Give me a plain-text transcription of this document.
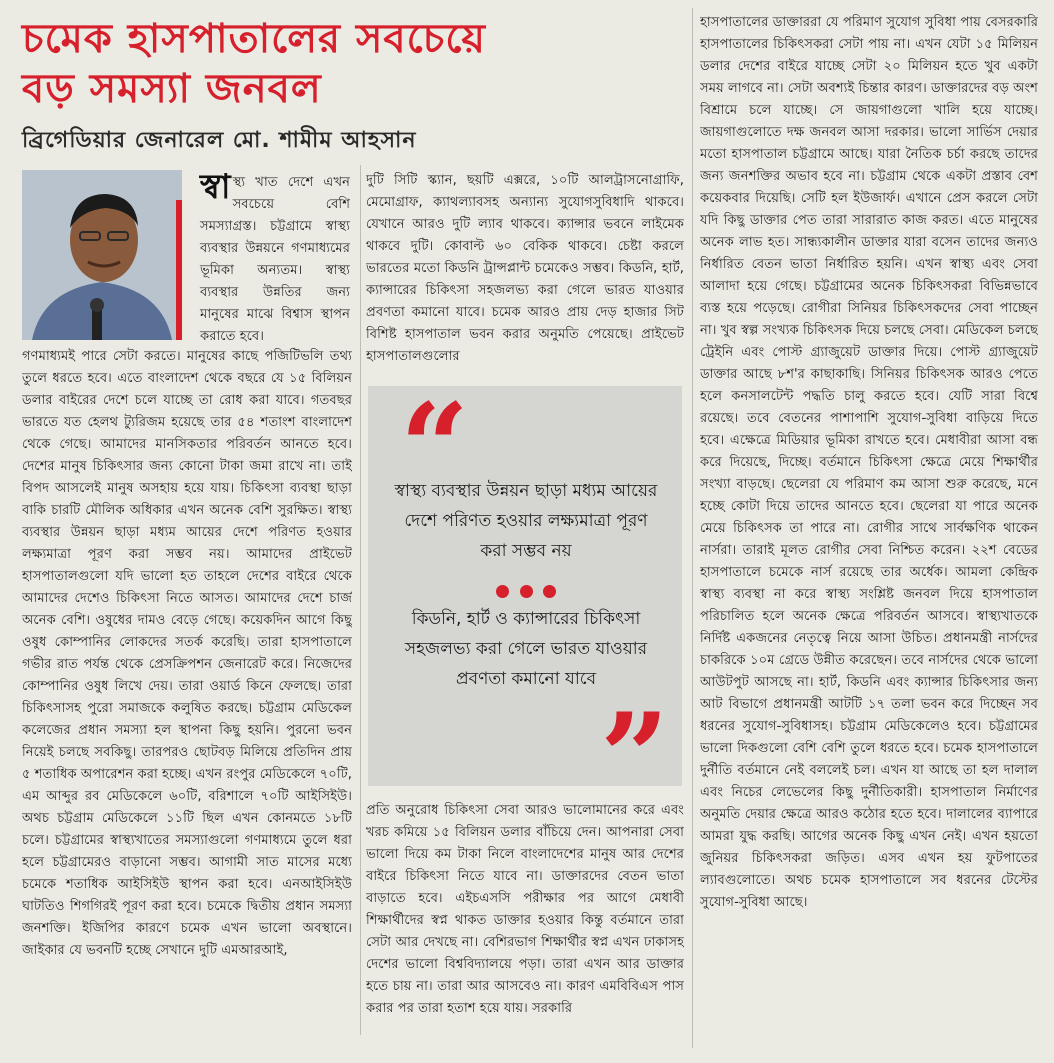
চমেক হাসপাতালের সবচেয়ে
বড় সমস্যা জনবল
ব্রিগেডিয়ার জেনারেল মো. শামীম আহসান
স্বা স্থ্য খাত দেশে এখন সবচেয়ে বেশি সমস্যাগ্রস্ত। চট্টগ্রামে স্বাস্থ্য ব্যবস্থার উন্নয়নে গণমাধ্যমের ভূমিকা অন্যতম। স্বাস্থ্য ব্যবস্থার উন্নতির জন্য মানুষের মাঝে বিশ্বাস স্থাপন করাতে হবে।

গণমাধ্যমই পারে সেটা করতে। মানুষের কাছে পজিটিভলি তথ্য তুলে ধরতে হবে। এতে বাংলাদেশ থেকে বছরে যে ১৫ বিলিয়ন ডলার বাইরের দেশে চলে যাচ্ছে তা রোধ করা যাবে। গতবছর ভারতে যত হেলথ ট্যুরিজম হয়েছে তার ৫৪ শতাংশ বাংলাদেশ থেকে গেছে। আমাদের মানসিকতার পরিবর্তন আনতে হবে। দেশের মানুষ চিকিৎসার জন্য কোনো টাকা জমা রাখে না। তাই বিপদ আসলেই মানুষ অসহায় হয়ে যায়। চিকিৎসা ব্যবস্থা ছাড়া বাকি চারটি মৌলিক অধিকার এখন অনেক বেশি সুরক্ষিত। স্বাস্থ্য ব্যবস্থার উন্নয়ন ছাড়া মধ্যম আয়ের দেশে পরিণত হওয়ার লক্ষ্যমাত্রা পূরণ করা সম্ভব নয়। আমাদের প্রাইভেট হাসপাতালগুলো যদি ভালো হত তাহলে দেশের বাইরে থেকে আমাদের দেশেও চিকিৎসা নিতে আসত। আমাদের দেশে চার্জ অনেক বেশি। ওষুধের দামও বেড়ে গেছে। কয়েকদিন আগে কিছু ওষুধ কোম্পানির লোকদের সতর্ক করেছি। তারা হাসপাতালে গভীর রাত পর্যন্ত থেকে প্রেসক্রিপশন জেনারেট করে। নিজেদের কোম্পানির ওষুধ লিখে দেয়। তারা ওয়ার্ড কিনে ফেলছে। তারা চিকিৎসাসহ পুরো সমাজকে কলুষিত করছে। চট্টগ্রাম মেডিকেল কলেজের প্রধান সমস্যা হল স্থাপনা কিছু হয়নি। পুরনো ভবন নিয়েই চলছে সবকিছু। তারপরও ছোটবড় মিলিয়ে প্রতিদিন প্রায় ৫ শতাধিক অপারেশন করা হচ্ছে। এখন রংপুর মেডিকেলে ৭০টি, এম আব্দুর রব মেডিকেলে ৬০টি, বরিশালে ৭০টি আইসিইউ। অথচ চট্টগ্রাম মেডিকেলে ১১টি ছিল এখন কোনমতে ১৮টি চলে। চট্টগ্রামের স্বাস্থ্যখাতের সমস্যাগুলো গণমাধ্যমে তুলে ধরা হলে চট্টগ্রামেরও বাড়ানো সম্ভব। আগামী সাত মাসের মধ্যে চমেকে শতাধিক আইসিইউ স্থাপন করা হবে। এনআইসিইউ ঘাটতিও শিগগিরই পূরণ করা হবে। চমেকে দ্বিতীয় প্রধান সমস্যা জনশক্তি। ইজিপির কারণে চমেক এখন ভালো অবস্থানে। জাইকার যে ভবনটি হচ্ছে সেখানে দুটি এমআরআই,

দুটি সিটি স্ক্যান, ছয়টি এক্সরে, ১০টি আলট্রাসনোগ্রাফি, মেমোগ্রাফ, ক্যাথল্যাবসহ অন্যান্য সুযোগসুবিধাদি থাকবে। যেখানে আরও দুটি ল্যাব থাকবে। ক্যান্সার ভবনে লাইমেক থাকবে দুটি। কোবাল্ট ৬০ বেকিক থাকবে। চেষ্টা করলে ভারতের মতো কিডনি ট্রান্সপ্লান্ট চমেকেও সম্ভব। কিডনি, হার্ট, ক্যান্সারের চিকিৎসা সহজলভ্য করা গেলে ভারত যাওয়ার প্রবণতা কমানো যাবে। চমেক আরও প্রায় দেড় হাজার সিট বিশিষ্ট হাসপাতাল ভবন করার অনুমতি পেয়েছে। প্রাইভেট হাসপাতালগুলোর

“
স্বাস্থ্য ব্যবস্থার উন্নয়ন ছাড়া মধ্যম আয়ের দেশে পরিণত হওয়ার লক্ষ্যমাত্রা পূরণ করা সম্ভব নয়
কিডনি, হার্ট ও ক্যান্সারের চিকিৎসা সহজলভ্য করা গেলে ভারত যাওয়ার প্রবণতা কমানো যাবে
”

প্রতি অনুরোধ চিকিৎসা সেবা আরও ভালোমানের করে এবং খরচ কমিয়ে ১৫ বিলিয়ন ডলার বাঁচিয়ে দেন। আপনারা সেবা ভালো দিয়ে কম টাকা নিলে বাংলাদেশের মানুষ আর দেশের বাইরে চিকিৎসা নিতে যাবে না। ডাক্তারদের বেতন ভাতা বাড়াতে হবে। এইচএসসি পরীক্ষার পর আগে মেধাবী শিক্ষার্থীদের স্বপ্ন থাকত ডাক্তার হওয়ার কিন্তু বর্তমানে তারা সেটা আর দেখছে না। বেশিরভাগ শিক্ষার্থীর স্বপ্ন এখন ঢাকাসহ দেশের ভালো বিশ্ববিদ্যালয়ে পড়া। তারা এখন আর ডাক্তার হতে চায় না। তারা আর আসবেও না। কারণ এমবিবিএস পাস করার পর তারা হতাশ হয়ে যায়। সরকারি

হাসপাতালের ডাক্তাররা যে পরিমাণ সুযোগ সুবিধা পায় বেসরকারি হাসপাতালের চিকিৎসকরা সেটা পায় না। এখন যেটা ১৫ মিলিয়ন ডলার দেশের বাইরে যাচ্ছে সেটা ২০ মিলিয়ন হতে খুব একটা সময় লাগবে না। সেটা অবশ্যই চিন্তার কারণ। ডাক্তারদের বড় অংশ বিশ্রামে চলে যাচ্ছে। সে জায়গাগুলো খালি হয়ে যাচ্ছে। জায়গাগুলোতে দক্ষ জনবল আসা দরকার। ভালো সার্ভিস দেয়ার মতো হাসপাতাল চট্টগ্রামে আছে। যারা নৈতিক চর্চা করছে তাদের জন্য জনশক্তির অভাব হবে না। চট্টগ্রাম থেকে একটা প্রস্তাব বেশ কয়েকবার দিয়েছি। সেটি হল ইউজার্ফ। এখানে প্রেস করলে সেটা যদি কিছু ডাক্তার পেত তারা সারারাত কাজ করত। এতে মানুষের অনেক লাভ হত। সান্ধ্যকালীন ডাক্তার যারা বসেন তাদের জন্যও নির্ধারিত বেতন ভাতা নির্ধারিত হয়নি। এখন স্বাস্থ্য এবং সেবা আলাদা হয়ে গেছে। চট্টগ্রামের অনেক চিকিৎসকরা বিভিন্নভাবে ব্যস্ত হয়ে পড়েছে। রোগীরা সিনিয়র চিকিৎসকদের সেবা পাচ্ছেন না। খুব স্বল্প সংখ্যক চিকিৎসক দিয়ে চলছে সেবা। মেডিকেল চলছে ট্রেইনি এবং পোস্ট গ্র্যাজুয়েট ডাক্তার দিয়ে। পোস্ট গ্র্যাজুয়েট ডাক্তার আছে ৮শ'র কাছাকাছি। সিনিয়র চিকিৎসক আরও পেতে হলে কনসালটেন্ট পদ্ধতি চালু করতে হবে। যেটি সারা বিশ্বে রয়েছে। তবে বেতনের পাশাপাশি সুযোগ-সুবিধা বাড়িয়ে দিতে হবে। এক্ষেত্রে মিডিয়ার ভূমিকা রাখতে হবে। মেধাবীরা আসা বন্ধ করে দিয়েছে, দিচ্ছে। বর্তমানে চিকিৎসা ক্ষেত্রে মেয়ে শিক্ষার্থীর সংখ্যা বাড়ছে। ছেলেরা যে পরিমাণ কম আসা শুরু করেছে, মনে হচ্ছে কোটা দিয়ে তাদের আনতে হবে। ছেলেরা যা পারে অনেক মেয়ে চিকিৎসক তা পারে না। রোগীর সাথে সার্বক্ষণিক থাকেন নার্সরা। তারাই মূলত রোগীর সেবা নিশ্চিত করেন। ২২শ বেডের হাসপাতালে চমেকে নার্স রয়েছে তার অর্ধেক। আমলা কেন্দ্রিক স্বাস্থ্য ব্যবস্থা না করে স্বাস্থ্য সংশ্লিষ্ট জনবল দিয়ে হাসপাতাল পরিচালিত হলে অনেক ক্ষেত্রে পরিবর্তন আসবে। স্বাস্থ্যখাতকে নির্দিষ্ট একজনের নেতৃত্বে নিয়ে আসা উচিত। প্রধানমন্ত্রী নার্সদের চাকরিকে ১০ম গ্রেডে উন্নীত করেছেন। তবে নার্সদের থেকে ভালো আউটপুট আসছে না। হার্ট, কিডনি এবং ক্যান্সার চিকিৎসার জন্য আট বিভাগে প্রধানমন্ত্রী আটটি ১৭ তলা ভবন করে দিচ্ছেন সব ধরনের সুযোগ-সুবিধাসহ। চট্টগ্রাম মেডিকেলেও হবে। চট্টগ্রামের ভালো দিকগুলো বেশি বেশি তুলে ধরতে হবে। চমেক হাসপাতালে দুর্নীতি বর্তমানে নেই বললেই চল। এখন যা আছে তা হল দালাল এবং নিচের লেভেলের কিছু দুর্নীতিকারী। হাসপাতাল নির্মাণের অনুমতি দেয়ার ক্ষেত্রে আরও কঠোর হতে হবে। দালালের ব্যাপারে আমরা যুদ্ধ করছি। আগের অনেক কিছু এখন নেই। এখন হয়তো জুনিয়র চিকিৎসকরা জড়িত। এসব এখন হয় ফুটপাতের ল্যাবগুলোতে। অথচ চমেক হাসপাতালে সব ধরনের টেস্টের সুযোগ-সুবিধা আছে।
